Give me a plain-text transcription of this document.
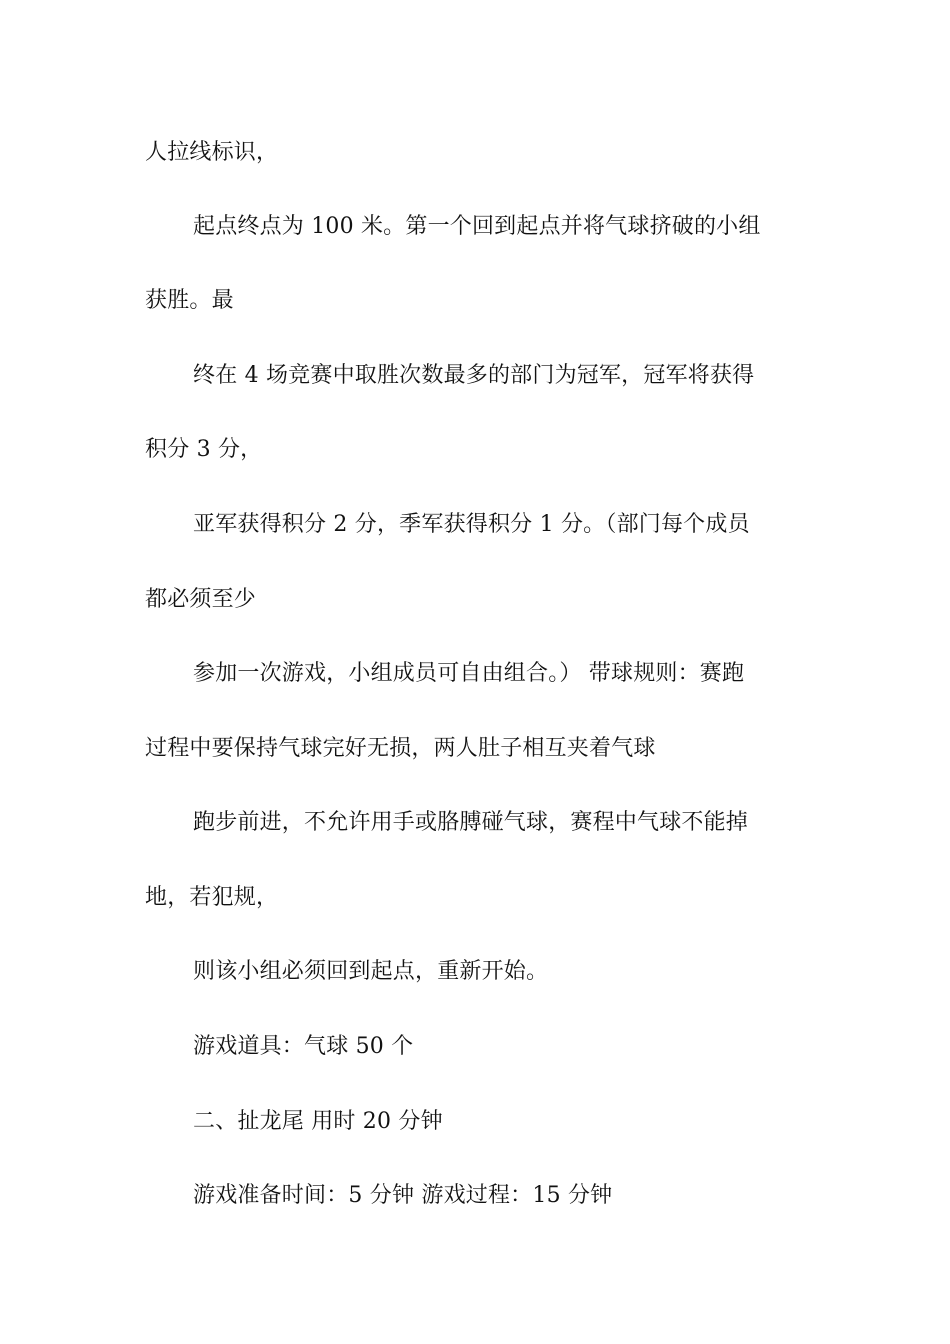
人拉线标识，
起点终点为 100 米。第一个回到起点并将气球挤破的小组
获胜。最
终在 4 场竞赛中取胜次数最多的部门为冠军，冠军将获得
积分 3 分，
亚军获得积分 2 分，季军获得积分 1 分。（部门每个成员
都必须至少
参加一次游戏，小组成员可自由组合。） 带球规则：赛跑
过程中要保持气球完好无损，两人肚子相互夹着气球
跑步前进，不允许用手或胳膊碰气球，赛程中气球不能掉
地，若犯规，
则该小组必须回到起点，重新开始。
游戏道具：气球 50 个
二、扯龙尾 用时 20 分钟
游戏准备时间：5 分钟 游戏过程：15 分钟
